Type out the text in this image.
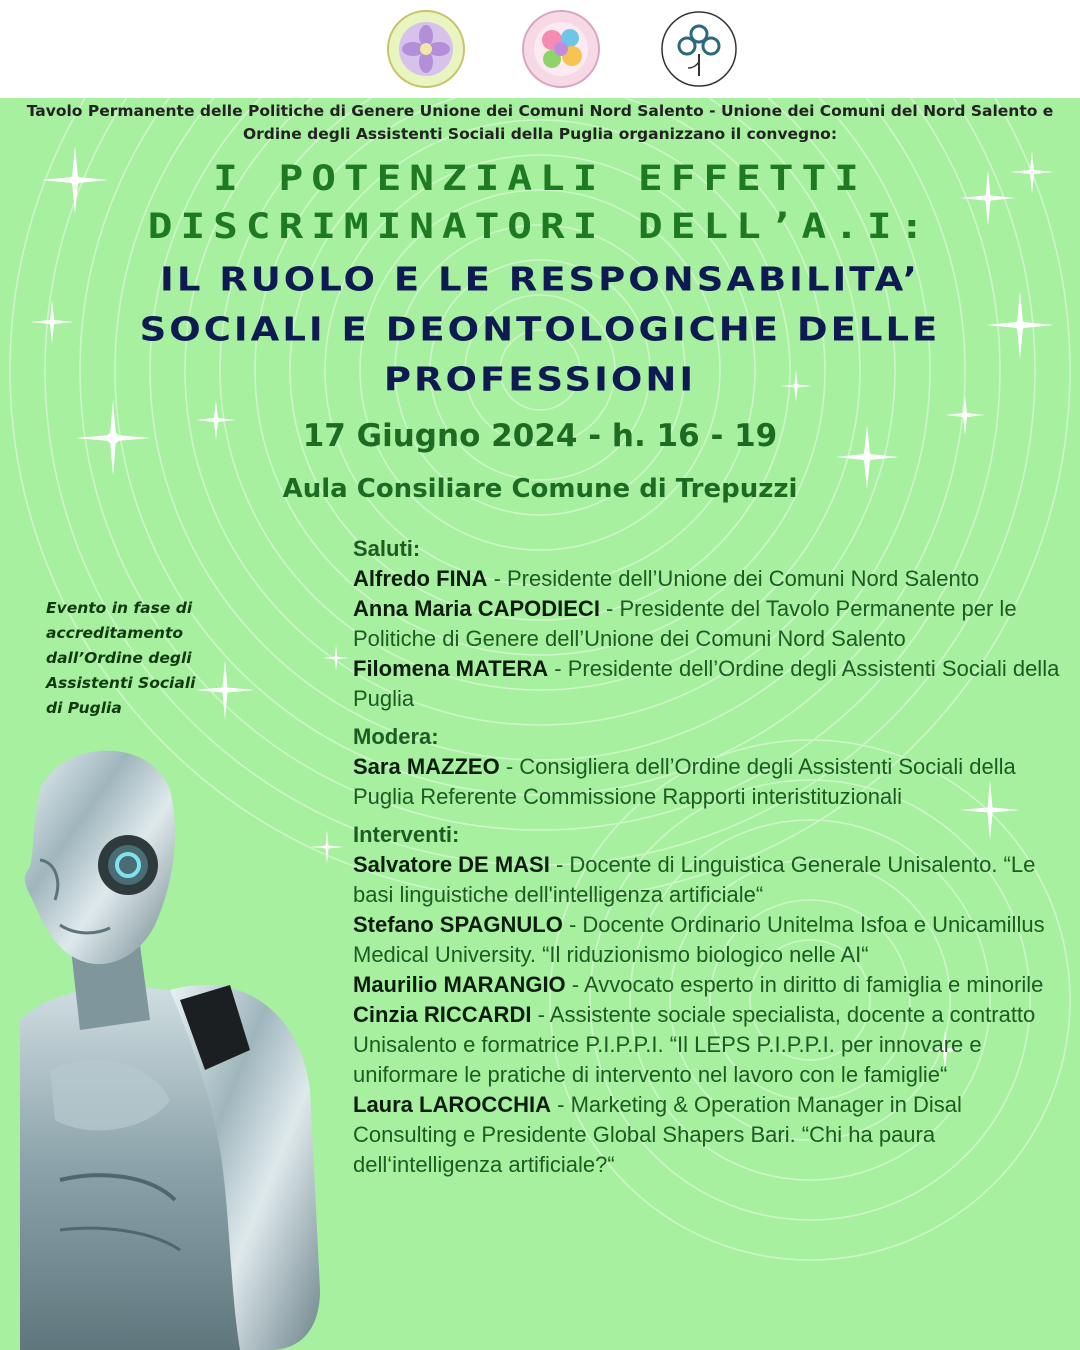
Tavolo Permanente delle Politiche di Genere Unione dei Comuni Nord Salento - Unione dei Comuni del Nord Salento e
Ordine degli Assistenti Sociali della Puglia organizzano il convegno:
I POTENZIALI EFFETTI
DISCRIMINATORI DELL’A.I:
IL RUOLO E LE RESPONSABILITA’
SOCIALI E DEONTOLOGICHE DELLE
PROFESSIONI
17 Giugno 2024 - h. 16 - 19
Aula Consiliare Comune di Trepuzzi
Evento in fase di
accreditamento
dall’Ordine degli
Assistenti Sociali
di Puglia
Saluti:
Alfredo FINA - Presidente dell’Unione dei Comuni Nord Salento
Anna Maria CAPODIECI - Presidente del Tavolo Permanente per le Politiche di Genere dell’Unione dei Comuni Nord Salento
Filomena MATERA - Presidente dell’Ordine degli Assistenti Sociali della Puglia
Modera:
Sara MAZZEO - Consigliera dell’Ordine degli Assistenti Sociali della Puglia Referente Commissione Rapporti interistituzionali
Interventi:
Salvatore DE MASI - Docente di Linguistica Generale Unisalento. “Le basi linguistiche dell'intelligenza artificiale“
Stefano SPAGNULO - Docente Ordinario Unitelma Isfoa e Unicamillus Medical University. “Il riduzionismo biologico nelle AI“
Maurilio MARANGIO - Avvocato esperto in diritto di famiglia e minorile
Cinzia RICCARDI - Assistente sociale specialista, docente a contratto Unisalento e formatrice P.I.P.P.I. “Il LEPS P.I.P.P.I. per innovare e uniformare le pratiche di intervento nel lavoro con le famiglie“
Laura LAROCCHIA - Marketing & Operation Manager in Disal Consulting e Presidente Global Shapers Bari. “Chi ha paura dell‘intelligenza artificiale?“
